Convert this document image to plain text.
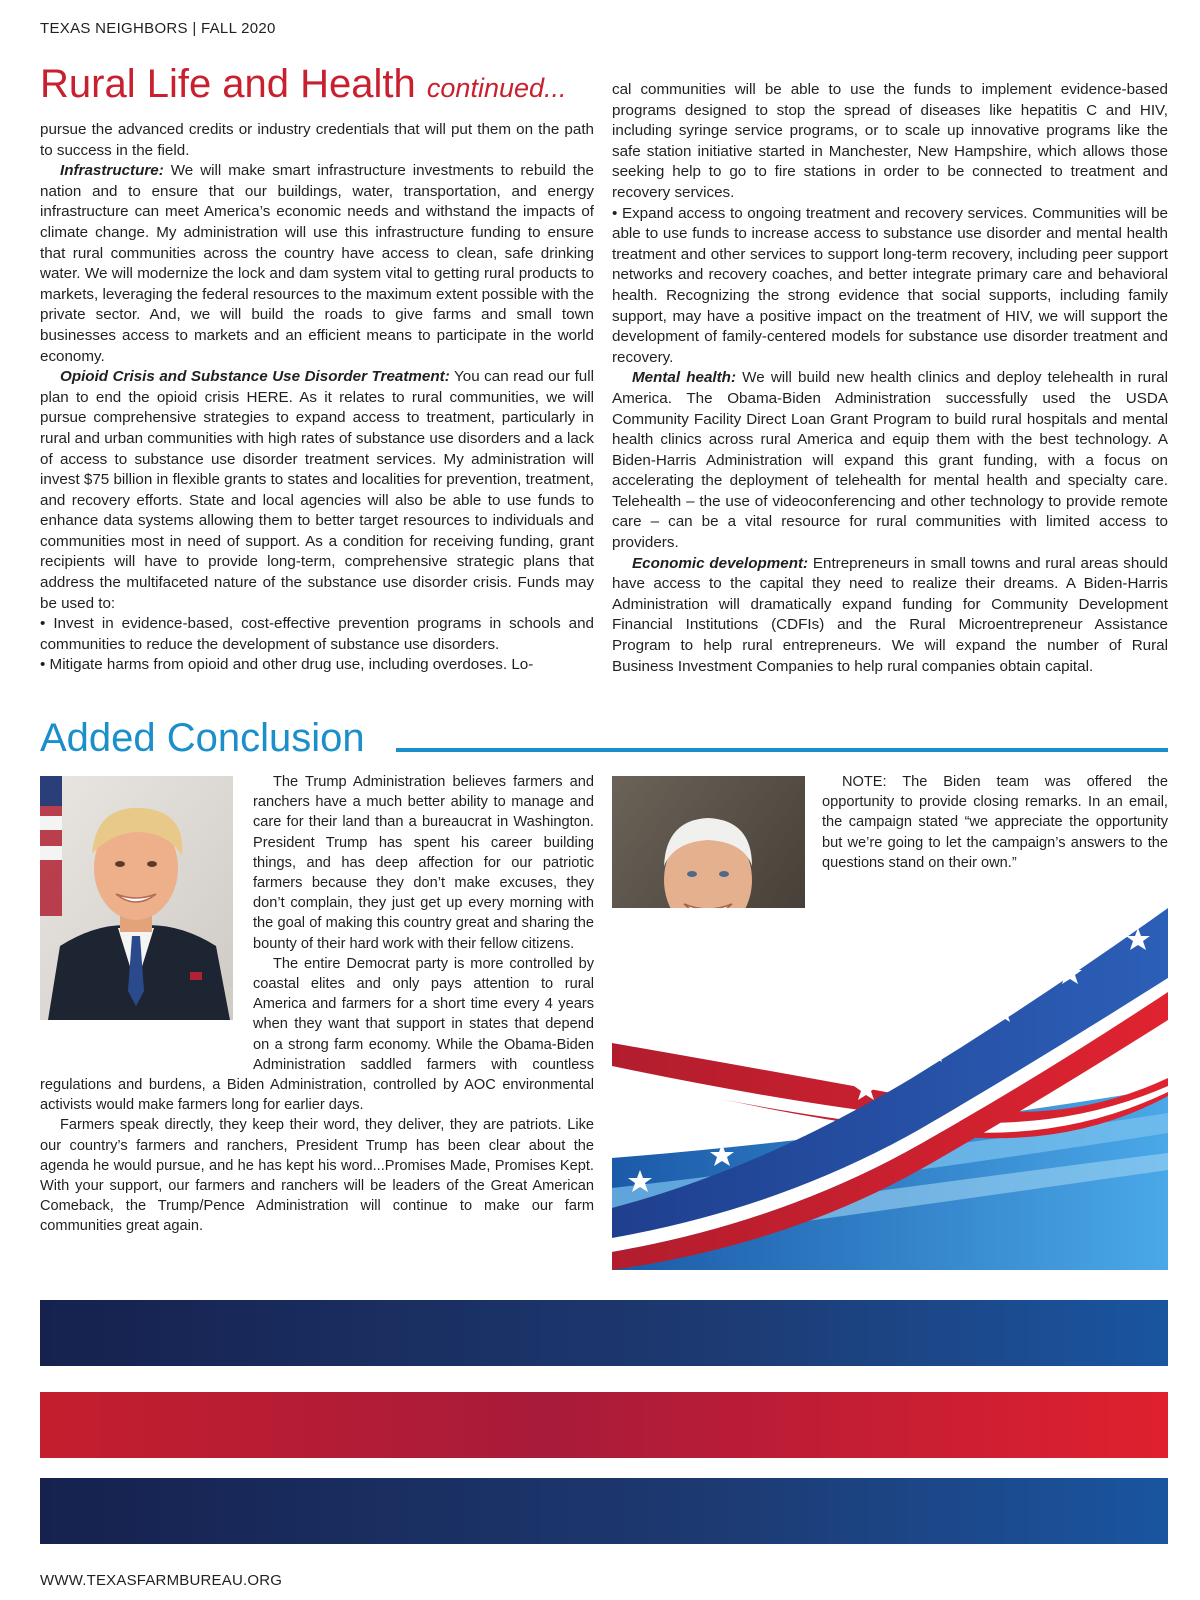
TEXAS NEIGHBORS | FALL 2020
Rural Life and Health continued...

pursue the advanced credits or industry credentials that will put them on the path to success in the field.

Infrastructure: We will make smart infrastructure investments to rebuild the nation and to ensure that our buildings, water, transportation, and energy infrastructure can meet America’s economic needs and withstand the impacts of climate change. My administration will use this infrastructure funding to ensure that rural communities across the country have access to clean, safe drinking water. We will modernize the lock and dam system vital to getting rural products to markets, leveraging the federal resources to the maximum extent possible with the private sector. And, we will build the roads to give farms and small town businesses access to markets and an efficient means to participate in the world economy.

Opioid Crisis and Substance Use Disorder Treatment: You can read our full plan to end the opioid crisis HERE. As it relates to rural communities, we will pursue comprehensive strategies to expand access to treatment, particularly in rural and urban communities with high rates of substance use disorders and a lack of access to substance use disorder treatment services. My administration will invest $75 billion in flexible grants to states and localities for prevention, treatment, and recovery efforts. State and local agencies will also be able to use funds to enhance data systems allowing them to better target resources to individuals and communities most in need of support. As a condition for receiving funding, grant recipients will have to provide long-term, comprehensive strategic plans that address the multifaceted nature of the substance use disorder crisis. Funds may be used to:

• Invest in evidence-based, cost-effective prevention programs in schools and communities to reduce the development of substance use disorders.

• Mitigate harms from opioid and other drug use, including overdoses. Lo-

cal communities will be able to use the funds to implement evidence-based programs designed to stop the spread of diseases like hepatitis C and HIV, including syringe service programs, or to scale up innovative programs like the safe station initiative started in Manchester, New Hampshire, which allows those seeking help to go to fire stations in order to be connected to treatment and recovery services.

• Expand access to ongoing treatment and recovery services. Communities will be able to use funds to increase access to substance use disorder and mental health treatment and other services to support long-term recovery, including peer support networks and recovery coaches, and better integrate primary care and behavioral health. Recognizing the strong evidence that social supports, including family support, may have a positive impact on the treatment of HIV, we will support the development of family-centered models for substance use disorder treatment and recovery.

Mental health: We will build new health clinics and deploy telehealth in rural America. The Obama-Biden Administration successfully used the USDA Community Facility Direct Loan Grant Program to build rural hospitals and mental health clinics across rural America and equip them with the best technology. A Biden-Harris Administration will expand this grant funding, with a focus on accelerating the deployment of telehealth for mental health and specialty care. Telehealth – the use of videoconferencing and other technology to provide remote care – can be a vital resource for rural communities with limited access to providers.

Economic development: Entrepreneurs in small towns and rural areas should have access to the capital they need to realize their dreams. A Biden-Harris Administration will dramatically expand funding for Community Development Financial Institutions (CDFIs) and the Rural Microentrepreneur Assistance Program to help rural entrepreneurs. We will expand the number of Rural Business Investment Companies to help rural companies obtain capital.

Added Conclusion

The Trump Administration believes farmers and ranchers have a much better ability to manage and care for their land than a bureaucrat in Washington. President Trump has spent his career building things, and has deep affection for our patriotic farmers because they don’t make excuses, they don’t complain, they just get up every morning with the goal of making this country great and sharing the bounty of their hard work with their fellow citizens.

The entire Democrat party is more controlled by coastal elites and only pays attention to rural America and farmers for a short time every 4 years when they want that support in states that depend on a strong farm economy. While the Obama-Biden Administration saddled farmers with countless regulations and burdens, a Biden Administration, controlled by AOC environmental activists would make farmers long for earlier days.

Farmers speak directly, they keep their word, they deliver, they are patriots. Like our country’s farmers and ranchers, President Trump has been clear about the agenda he would pursue, and he has kept his word...Promises Made, Promises Kept. With your support, our farmers and ranchers will be leaders of the Great American Comeback, the Trump/Pence Administration will continue to make our farm communities great again.

NOTE: The Biden team was offered the opportunity to provide closing remarks. In an email, the campaign stated “we appreciate the opportunity but we’re going to let the campaign’s answers to the questions stand on their own.”

WWW.TEXASFARMBUREAU.ORG
